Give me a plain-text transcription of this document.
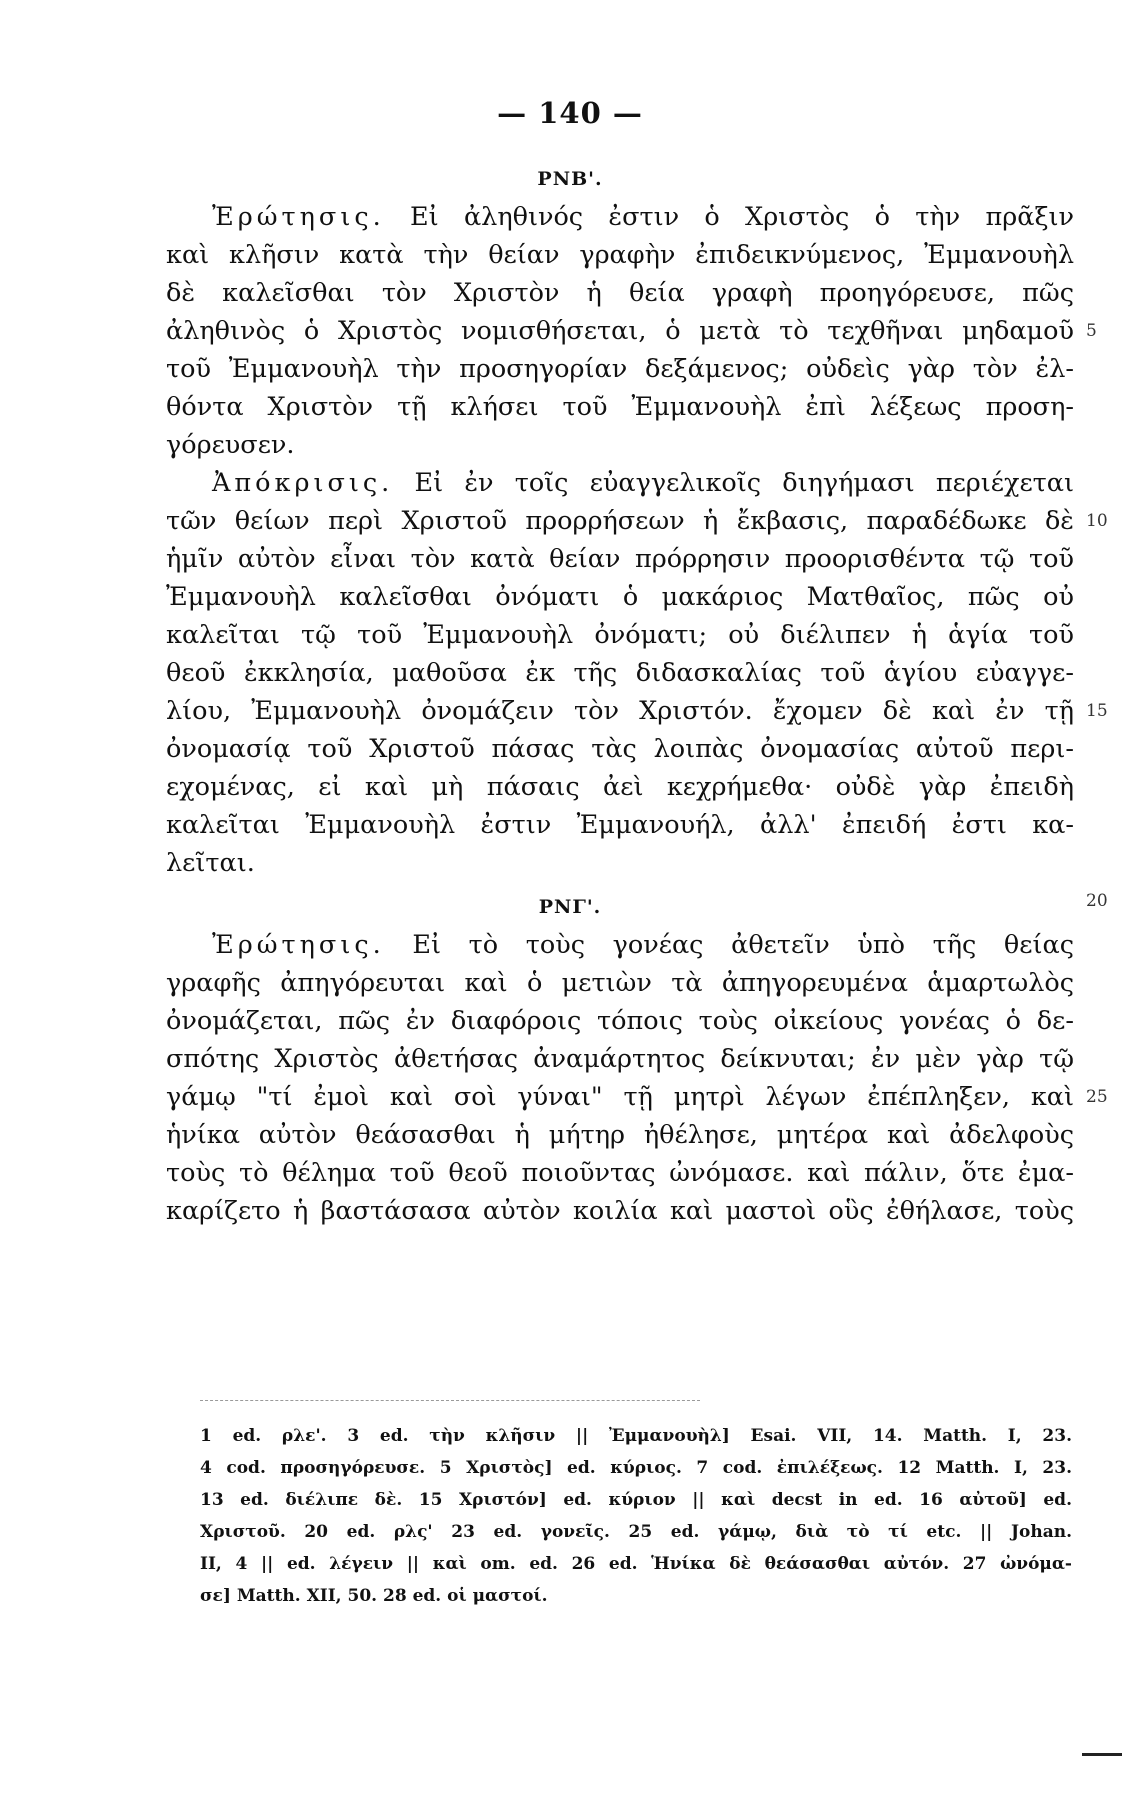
— 140 —
ΡΝΒ'.
Ἐρώτησις. Εἰ ἀληθινός ἐστιν ὁ Χριστὸς ὁ τὴν πρᾶξιν
καὶ κλῆσιν κατὰ τὴν θείαν γραφὴν ἐπιδεικνύμενος, Ἐμμανουὴλ
δὲ καλεῖσθαι τὸν Χριστὸν ἡ θεία γραφὴ προηγόρευσε, πῶς
ἀληθινὸς ὁ Χριστὸς νομισθήσεται, ὁ μετὰ τὸ τεχθῆναι μηδαμοῦ
τοῦ Ἐμμανουὴλ τὴν προσηγορίαν δεξάμενος; οὐδεὶς γὰρ τὸν ἐλ-
θόντα Χριστὸν τῇ κλήσει τοῦ Ἐμμανουὴλ ἐπὶ λέξεως προση-
γόρευσεν.
Ἀπόκρισις. Εἰ ἐν τοῖς εὐαγγελικοῖς διηγήμασι περιέχεται
τῶν θείων περὶ Χριστοῦ προρρήσεων ἡ ἔκβασις, παραδέδωκε δὲ
ἡμῖν αὐτὸν εἶναι τὸν κατὰ θείαν πρόρρησιν προορισθέντα τῷ τοῦ
Ἐμμανουὴλ καλεῖσθαι ὀνόματι ὁ μακάριος Ματθαῖος, πῶς οὐ
καλεῖται τῷ τοῦ Ἐμμανουὴλ ὀνόματι; οὐ διέλιπεν ἡ ἁγία τοῦ
θεοῦ ἐκκλησία, μαθοῦσα ἐκ τῆς διδασκαλίας τοῦ ἁγίου εὐαγγε-
λίου, Ἐμμανουὴλ ὀνομάζειν τὸν Χριστόν. ἔχομεν δὲ καὶ ἐν τῇ
ὀνομασίᾳ τοῦ Χριστοῦ πάσας τὰς λοιπὰς ὀνομασίας αὐτοῦ περι-
εχομένας, εἰ καὶ μὴ πάσαις ἀεὶ κεχρήμεθα· οὐδὲ γὰρ ἐπειδὴ
καλεῖται Ἐμμανουὴλ ἐστιν Ἐμμανουήλ, ἀλλ' ἐπειδή ἐστι κα-
λεῖται.
ΡΝΓ'.
Ἐρώτησις. Εἰ τὸ τοὺς γονέας ἀθετεῖν ὑπὸ τῆς θείας
γραφῆς ἀπηγόρευται καὶ ὁ μετιὼν τὰ ἀπηγορευμένα ἁμαρτωλὸς
ὀνομάζεται, πῶς ἐν διαφόροις τόποις τοὺς οἰκείους γονέας ὁ δε-
σπότης Χριστὸς ἀθετήσας ἀναμάρτητος δείκνυται; ἐν μὲν γὰρ τῷ
γάμῳ "τί ἐμοὶ καὶ σοὶ γύναι" τῇ μητρὶ λέγων ἐπέπληξεν, καὶ
ἡνίκα αὐτὸν θεάσασθαι ἡ μήτηρ ἠθέλησε, μητέρα καὶ ἀδελφοὺς
τοὺς τὸ θέλημα τοῦ θεοῦ ποιοῦντας ὠνόμασε. καὶ πάλιν, ὅτε ἐμα-
καρίζετο ἡ βαστάσασα αὐτὸν κοιλία καὶ μαστοὶ οὓς ἐθήλασε, τοὺς
5
10
15
20
25
1 ed. ρλε'. 3 ed. τὴν κλῆσιν || Ἐμμανουὴλ] Esai. VII, 14. Matth. I, 23.
4 cod. προσηγόρευσε. 5 Χριστὸς] ed. κύριος. 7 cod. ἐπιλέξεως. 12 Matth. I, 23.
13 ed. διέλιπε δὲ. 15 Χριστόν] ed. κύριον || καὶ decst in ed. 16 αὐτοῦ] ed.
Χριστοῦ. 20 ed. ρλς' 23 ed. γονεῖς. 25 ed. γάμῳ, διὰ τὸ τί etc. || Johan.
II, 4 || ed. λέγειν || καὶ om. ed. 26 ed. Ἡνίκα δὲ θεάσασθαι αὐτόν. 27 ὠνόμα-
σε] Matth. XII, 50. 28 ed. οἱ μαστοί.
